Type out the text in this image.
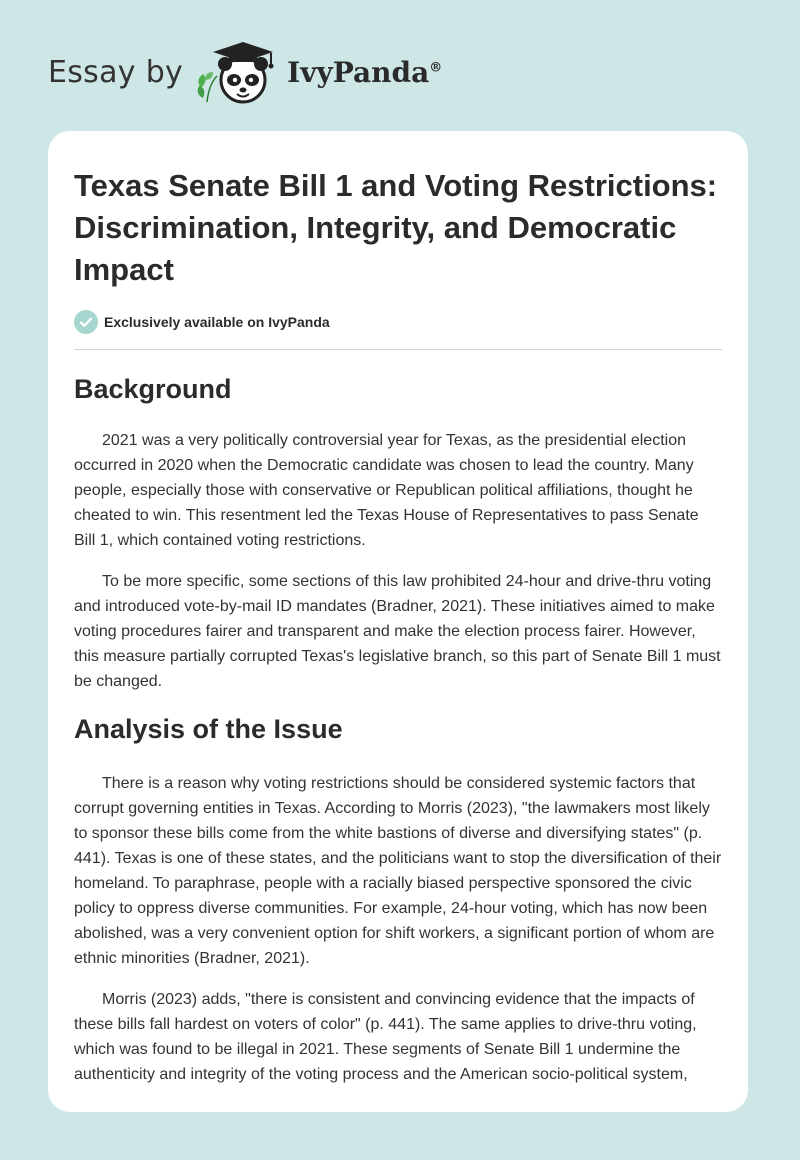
Essay by	IvyPanda®
Texas Senate Bill 1 and Voting Restrictions: Discrimination, Integrity, and Democratic Impact
Exclusively available on IvyPanda
Background

2021 was a very politically controversial year for Texas, as the presidential election occurred in 2020 when the Democratic candidate was chosen to lead the country. Many people, especially those with conservative or Republican political affiliations, thought he cheated to win. This resentment led the Texas House of Representatives to pass Senate Bill 1, which contained voting restrictions.

To be more specific, some sections of this law prohibited 24-hour and drive-thru voting and introduced vote-by-mail ID mandates (Bradner, 2021). These initiatives aimed to make voting procedures fairer and transparent and make the election process fairer. However, this measure partially corrupted Texas's legislative branch, so this part of Senate Bill 1 must be changed.

Analysis of the Issue

There is a reason why voting restrictions should be considered systemic factors that corrupt governing entities in Texas. According to Morris (2023), "the lawmakers most likely to sponsor these bills come from the white bastions of diverse and diversifying states" (p. 441). Texas is one of these states, and the politicians want to stop the diversification of their homeland. To paraphrase, people with a racially biased perspective sponsored the civic policy to oppress diverse communities. For example, 24-hour voting, which has now been abolished, was a very convenient option for shift workers, a significant portion of whom are ethnic minorities (Bradner, 2021).

Morris (2023) adds, "there is consistent and convincing evidence that the impacts of these bills fall hardest on voters of color" (p. 441). The same applies to drive-thru voting, which was found to be illegal in 2021. These segments of Senate Bill 1 undermine the authenticity and integrity of the voting process and the American socio-political system,
